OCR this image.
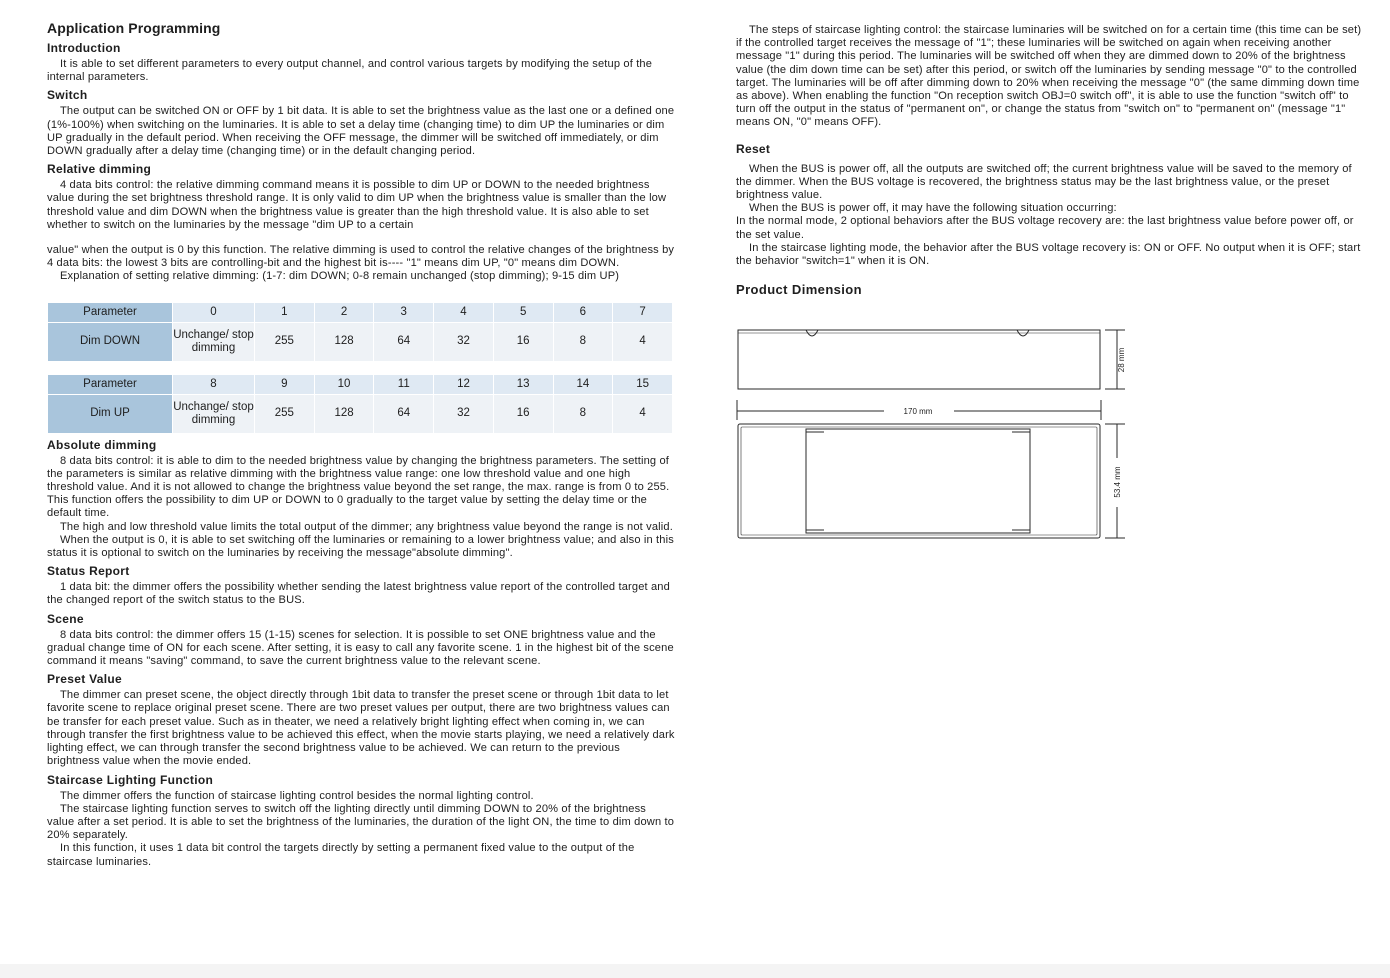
Application Programming
Introduction

It is able to set different parameters to every output channel, and control various targets by modifying the setup of the internal parameters.

Switch

The output can be switched ON or OFF by 1 bit data. It is able to set the brightness value as the last one or a defined one (1%-100%) when switching on the luminaries. It is able to set a delay time (changing time) to dim UP the luminaries or dim UP gradually in the default period. When receiving the OFF message, the dimmer will be switched off immediately, or dim DOWN gradually after a delay time (changing time) or in the default changing period.

Relative dimming

4 data bits control: the relative dimming command means it is possible to dim UP or DOWN to the needed brightness value during the set brightness threshold range. It is only valid to dim UP when the brightness value is smaller than the low threshold value and dim DOWN when the brightness value is greater than the high threshold value. It is also able to set whether to switch on the luminaries by the message "dim UP to a certain

value" when the output is 0 by this function. The relative dimming is used to control the relative changes of the brightness by 4 data bits: the lowest 3 bits are controlling-bit and the highest bit is---- "1" means dim UP, "0" means dim DOWN.

Explanation of setting relative dimming: (1-7: dim DOWN; 0-8 remain unchanged (stop dimming); 9-15 dim UP)

Parameter	0	1	2	3	4	5	6	7
Dim DOWN	Unchange/ stop dimming	255	128	64	32	16	8	4
Parameter	8	9	10	11	12	13	14	15
Dim UP	Unchange/ stop dimming	255	128	64	32	16	8	4
Absolute dimming

8 data bits control: it is able to dim to the needed brightness value by changing the brightness parameters. The setting of the parameters is similar as relative dimming with the brightness value range: one low threshold value and one high threshold value. And it is not allowed to change the brightness value beyond the set range, the max. range is from 0 to 255. This function offers the possibility to dim UP or DOWN to 0 gradually to the target value by setting the delay time or the default time.

The high and low threshold value limits the total output of the dimmer; any brightness value beyond the range is not valid.

When the output is 0, it is able to set switching off the luminaries or remaining to a lower brightness value; and also in this status it is optional to switch on the luminaries by receiving the message"absolute dimming".

Status Report

1 data bit: the dimmer offers the possibility whether sending the latest brightness value report of the controlled target and the changed report of the switch status to the BUS.

Scene

8 data bits control: the dimmer offers 15 (1-15) scenes for selection. It is possible to set ONE brightness value and the gradual change time of ON for each scene. After setting, it is easy to call any favorite scene. 1 in the highest bit of the scene command it means "saving" command, to save the current brightness value to the relevant scene.

Preset Value

The dimmer can preset scene, the object directly through 1bit data to transfer the preset scene or through 1bit data to let favorite scene to replace original preset scene. There are two preset values per output, there are two brightness values can be transfer for each preset value. Such as in theater, we need a relatively bright lighting effect when coming in, we can through transfer the first brightness value to be achieved this effect, when the movie starts playing, we need a relatively dark lighting effect, we can through transfer the second brightness value to be achieved. We can return to the previous brightness value when the movie ended.

Staircase Lighting Function

The dimmer offers the function of staircase lighting control besides the normal lighting control.

The staircase lighting function serves to switch off the lighting directly until dimming DOWN to 20% of the brightness value after a set period. It is able to set the brightness of the luminaries, the duration of the light ON, the time to dim down to 20% separately.

In this function, it uses 1 data bit control the targets directly by setting a permanent fixed value to the output of the staircase luminaries.

The steps of staircase lighting control: the staircase luminaries will be switched on for a certain time (this time can be set) if the controlled target receives the message of "1"; these luminaries will be switched on again when receiving another message "1" during this period. The luminaries will be switched off when they are dimmed down to 20% of the brightness value (the dim down time can be set) after this period, or switch off the luminaries by sending message "0" to the controlled target. The luminaries will be off after dimming down to 20% when receiving the message "0" (the same dimming down time as above). When enabling the function "On reception switch OBJ=0 switch off", it is able to use the function "switch off" to turn off the output in the status of "permanent on", or change the status from "switch on" to "permanent on" (message "1" means ON, "0" means OFF).

Reset

When the BUS is power off, all the outputs are switched off; the current brightness value will be saved to the memory of the dimmer. When the BUS voltage is recovered, the brightness status may be the last brightness value, or the preset brightness value.

When the BUS is power off, it may have the following situation occurring:

In the normal mode, 2 optional behaviors after the BUS voltage recovery are: the last brightness value before power off, or the set value.

In the staircase lighting mode, the behavior after the BUS voltage recovery is: ON or OFF. No output when it is OFF; start the behavior "switch=1" when it is ON.

Product Dimension
28 mm
170 mm
53.4 mm
